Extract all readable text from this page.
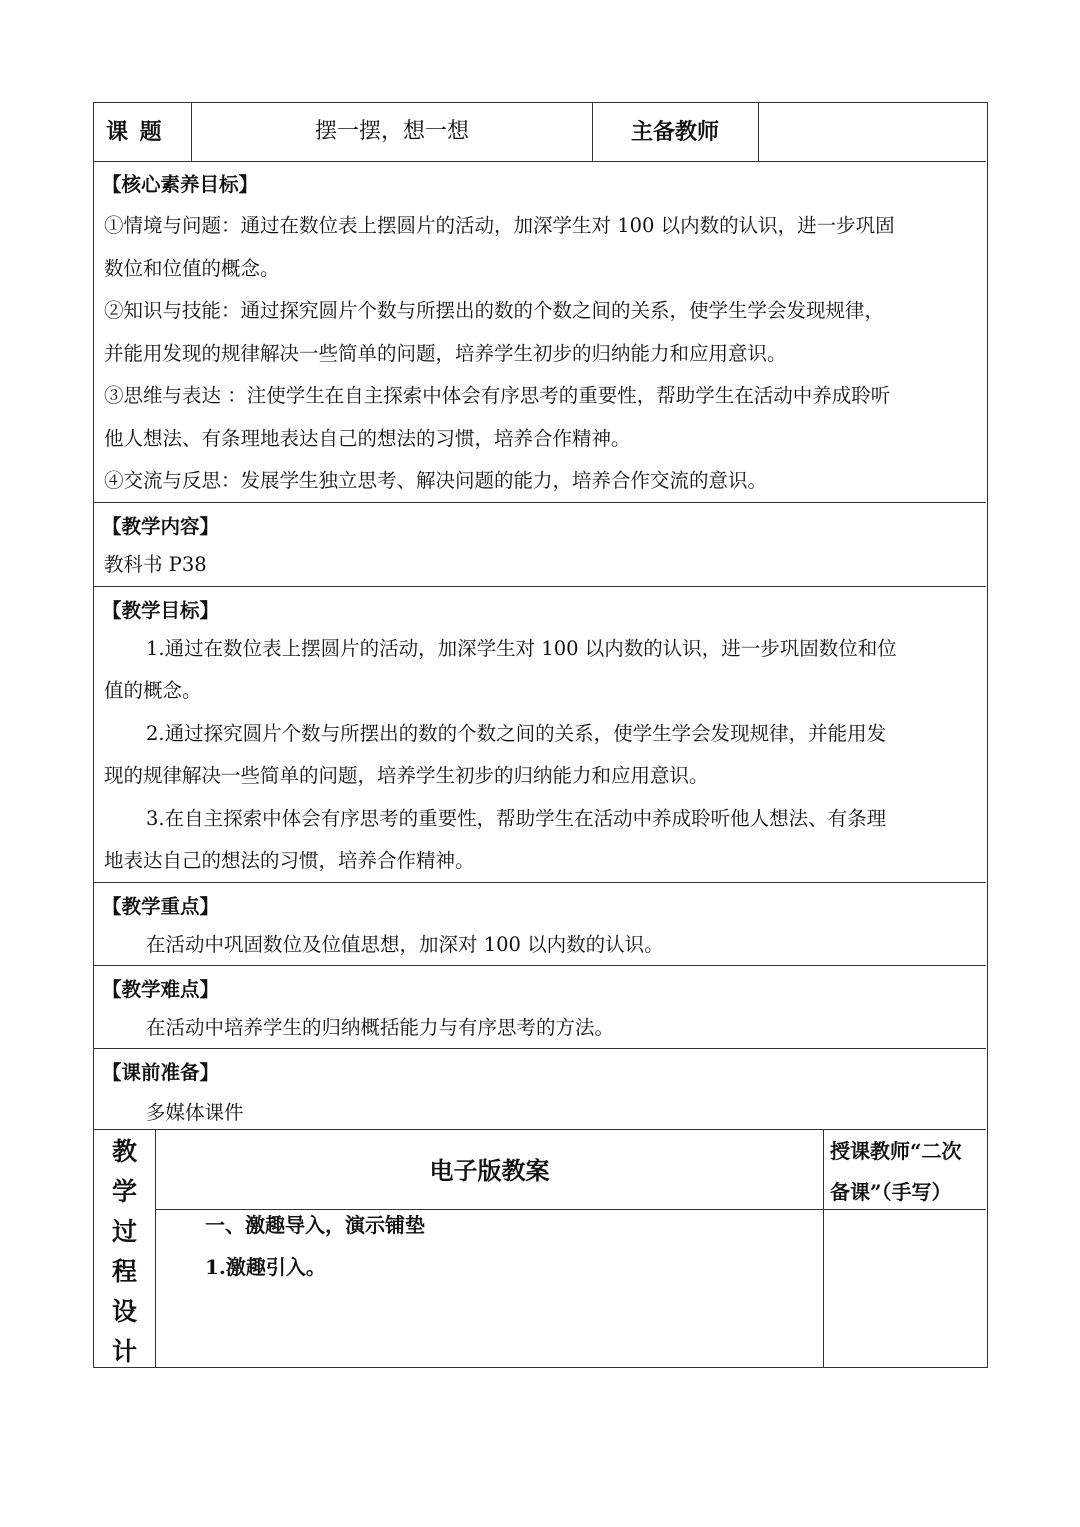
课 题	摆一摆，想一想	主备教师
【核心素养目标】
①情境与问题：通过在数位表上摆圆片的活动，加深学生对 100 以内数的认识，进一步巩固
数位和位值的概念。
②知识与技能：通过探究圆片个数与所摆出的数的个数之间的关系，使学生学会发现规律，
并能用发现的规律解决一些简单的问题，培养学生初步的归纳能力和应用意识。
③思维与表达 ：注使学生在自主探索中体会有序思考的重要性，帮助学生在活动中养成聆听
他人想法、有条理地表达自己的想法的习惯，培养合作精神。
④交流与反思：发展学生独立思考、解决问题的能力，培养合作交流的意识。
【教学内容】
教科书 P38
【教学目标】
1.通过在数位表上摆圆片的活动，加深学生对 100 以内数的认识，进一步巩固数位和位
值的概念。
2.通过探究圆片个数与所摆出的数的个数之间的关系，使学生学会发现规律，并能用发
现的规律解决一些简单的问题，培养学生初步的归纳能力和应用意识。
3.在自主探索中体会有序思考的重要性，帮助学生在活动中养成聆听他人想法、有条理
地表达自己的想法的习惯，培养合作精神。
【教学重点】
在活动中巩固数位及位值思想，加深对 100 以内数的认识。
【教学难点】
在活动中培养学生的归纳概括能力与有序思考的方法。
【课前准备】
多媒体课件
教
学
过
程
设
计
电子版教案
授课教师“二次
备课”（手写）
一、激趣导入，演示铺垫
1.激趣引入。
